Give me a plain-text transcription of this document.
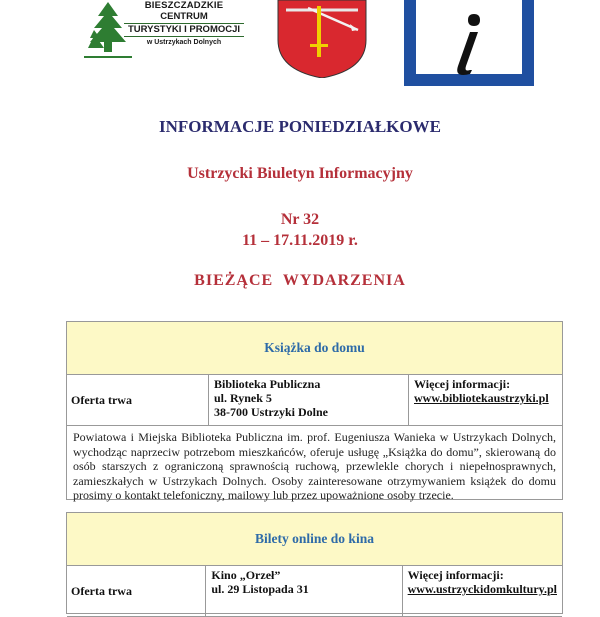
BIESZCZADZKIE
CENTRUM
TURYSTYKI I PROMOCJI
w Ustrzykach Dolnych
INFORMACJE PONIEDZIAŁKOWE
Ustrzycki Biuletyn Informacyjny
Nr 32
11 – 17.11.2019 r.
BIEŻĄCE WYDARZENIA
Książka do domu
Oferta trwa
Biblioteka Publiczna
ul. Rynek 5
38-700 Ustrzyki Dolne
Więcej informacji:
www.bibliotekaustrzyki.pl
Powiatowa i Miejska Biblioteka Publiczna im. prof. Eugeniusza Wanieka w Ustrzykach Dolnych, wychodząc naprzeciw potrzebom mieszkańców, oferuje usługę „Książka do domu”, skierowaną do osób starszych z ograniczoną sprawnością ruchową, przewlekle chorych i niepełnosprawnych, zamieszkałych w Ustrzykach Dolnych. Osoby zainteresowane otrzymywaniem książek do domu prosimy o kontakt telefoniczny, mailowy lub przez upoważnione osoby trzecie.
Bilety online do kina
Oferta trwa
Kino „Orzeł”
ul. 29 Listopada 31
Więcej informacji:
www.ustrzyckidomkultury.pl
